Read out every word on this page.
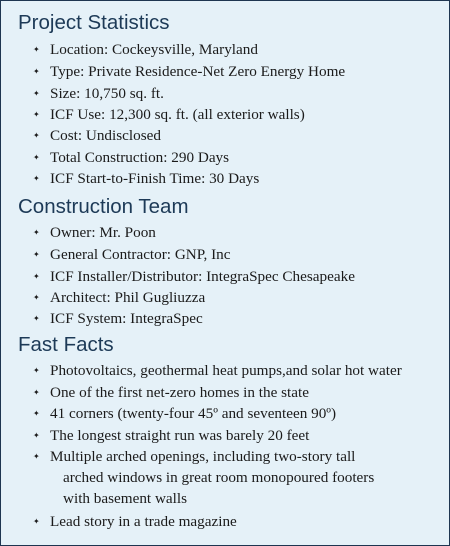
Project Statistics
✦ Location: Cockeysville, Maryland
✦ Type: Private Residence-Net Zero Energy Home
✦ Size: 10,750 sq. ft.
✦ ICF Use: 12,300 sq. ft. (all exterior walls)
✦ Cost: Undisclosed
✦ Total Construction: 290 Days
✦ ICF Start-to-Finish Time: 30 Days
Construction Team
✦ Owner: Mr. Poon
✦ General Contractor: GNP, Inc
✦ ICF Installer/Distributor: IntegraSpec Chesapeake
✦ Architect: Phil Gugliuzza
✦ ICF System: IntegraSpec
Fast Facts
✦ Photovoltaics, geothermal heat pumps,and solar hot water
✦ One of the first net-zero homes in the state
✦ 41 corners (twenty-four 45º and seventeen 90º)
✦ The longest straight run was barely 20 feet
✦ Multiple arched openings, including two-story tall

arched windows in great room monopoured footers

with basement walls

✦ Lead story in a trade magazine
